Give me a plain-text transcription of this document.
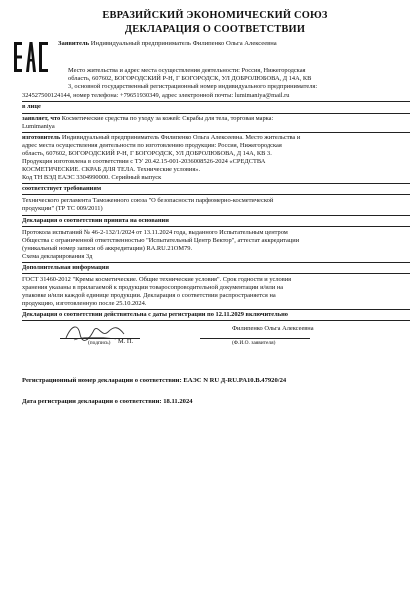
ЕВРАЗИЙСКИЙ ЭКОНОМИЧЕСКИЙ СОЮЗ
ДЕКЛАРАЦИЯ О СООТВЕТСТВИИ
Заявитель Индивидуальный предприниматель Филипенко Ольга Алексеевна
Место жительства и адрес места осуществления деятельности: Россия, Нижегородская
область, 607602, БОГОРОДСКИЙ Р-Н, Г БОГОРОДСК, УЛ ДОБРОЛЮБОВА, Д 14А, КВ
3, основной государственный регистрационный номер индивидуального предпринимателя:
324527500124144, номер телефона: +79651930349, адрес электронной почты: lumimaniya@mail.ru
в лице
заявляет, что Косметические средства по уходу за кожей: Скрабы для тела, торговая марка:
Lumimaniya
изготовитель Индивидуальный предприниматель Филипенко Ольга Алексеевна. Место жительства и
адрес места осуществления деятельности по изготовлению продукции: Россия, Нижегородская
область, 607602, БОГОРОДСКИЙ Р-Н, Г БОГОРОДСК, УЛ ДОБРОЛЮБОВА, Д 14А, КВ 3.
Продукция изготовлена в соответствии с ТУ 20.42.15-001-2036008526-2024 «СРЕДСТВА
КОСМЕТИЧЕСКИЕ. СКРАБ ДЛЯ ТЕЛА. Технические условия».
Код ТН ВЭД ЕАЭС 3304990000. Серийный выпуск
соответствует требованиям
Технического регламента Таможенного союза "О безопасности парфюмерно-косметической
продукции" (ТР ТС 009/2011)
Декларация о соответствии принята на основании
Протокола испытаний № 46-2-132/1/2024 от 13.11.2024 года, выданного Испытательным центром
Общества с ограниченной ответственностью "Испытательный Центр Вектор", аттестат аккредитации
(уникальный номер записи об аккредитации) RA.RU.21OM79.
Схема декларирования 3д
Дополнительная информация
ГОСТ 31460-2012 "Кремы косметические. Общие технические условия". Срок годности и условия
хранения указаны в прилагаемой к продукции товаросопроводительной документации и/или на
упаковке и/или каждой единице продукции. Декларация о соответствии распространяется на
продукцию, изготовленную после 25.10.2024.
Декларация о соответствии действительна с даты регистрации по 12.11.2029 включительно
Филипенко Ольга Алексеевна
М. П.
(подпись)	(Ф.И.О. заявителя)
Регистрационный номер декларации о соответствии: ЕАЭС N RU Д-RU.PA10.B.47920/24
Дата регистрации декларации о соответствии: 18.11.2024
